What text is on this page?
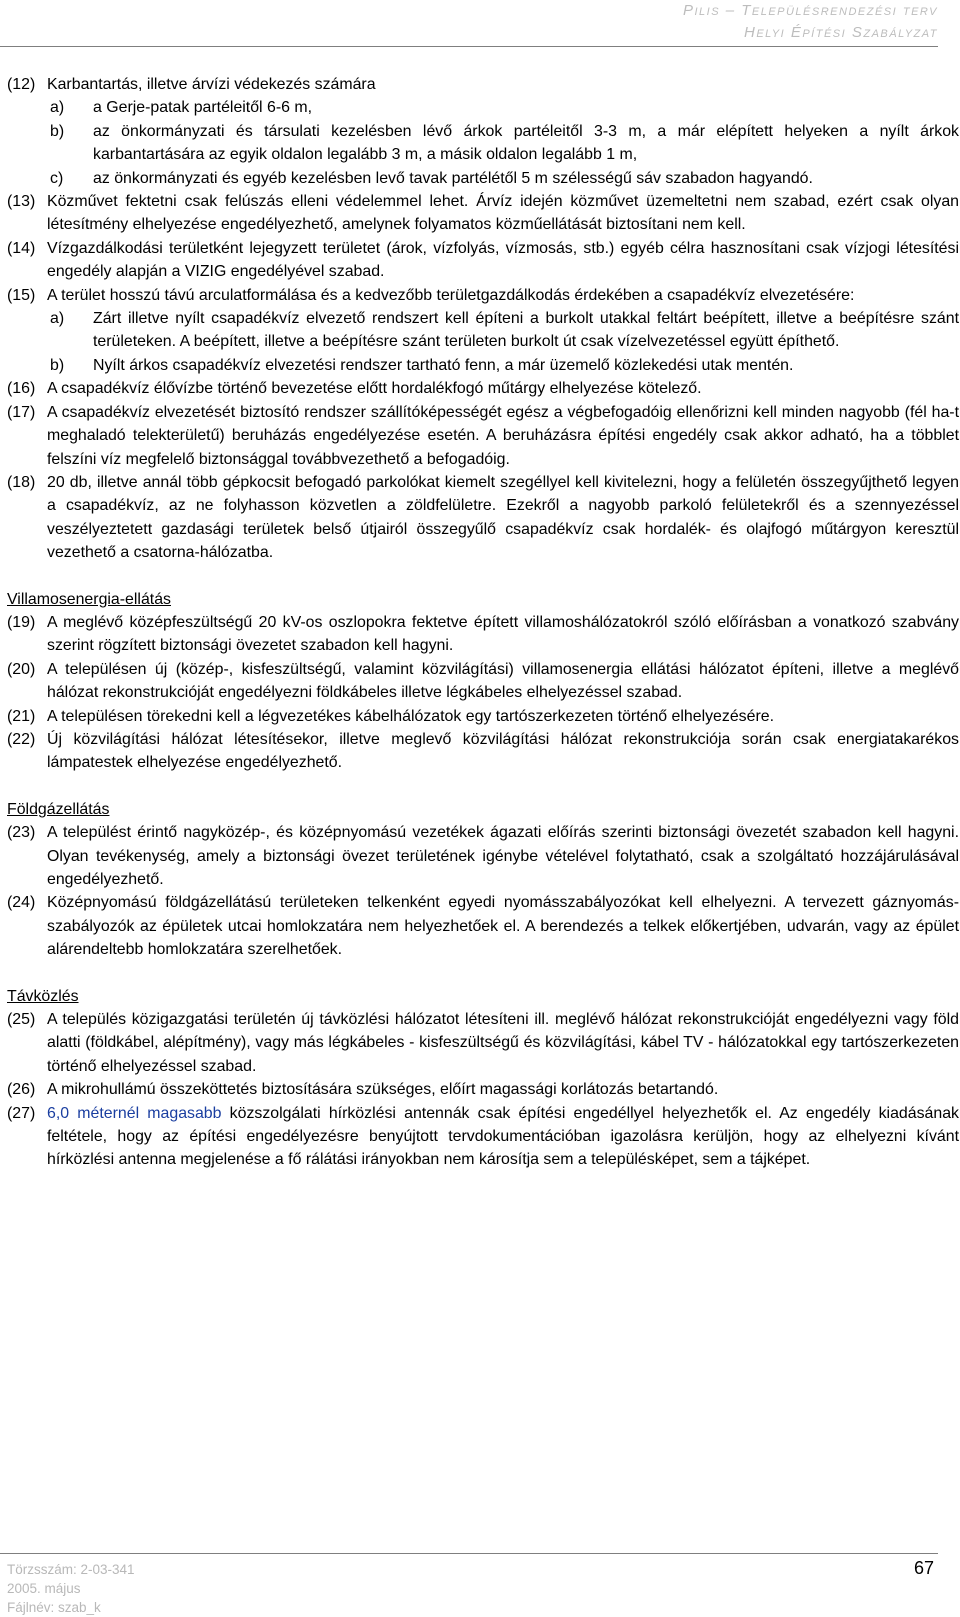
Pilis – Településrendezési terv
Helyi Építési Szabályzat
(12) Karbantartás, illetve árvízi védekezés számára
a) a Gerje-patak partéleitől 6-6 m,
b) az önkormányzati és társulati kezelésben lévő árkok partéleitől 3-3 m, a már elépített helyeken a nyílt árkok karbantartására az egyik oldalon legalább 3 m, a másik oldalon legalább 1 m,
c) az önkormányzati és egyéb kezelésben levő tavak partélétől 5 m szélességű sáv szabadon hagyandó.
(13) Közművet fektetni csak felúszás elleni védelemmel lehet. Árvíz idején közművet üzemeltetni nem szabad, ezért csak olyan létesítmény elhelyezése engedélyezhető, amelynek folyamatos közműellátását biztosítani nem kell.
(14) Vízgazdálkodási területként lejegyzett területet (árok, vízfolyás, vízmosás, stb.) egyéb célra hasznosítani csak vízjogi létesítési engedély alapján a VIZIG engedélyével szabad.
(15) A terület hosszú távú arculatformálása és a kedvezőbb területgazdálkodás érdekében a csapadékvíz elvezetésére:
a) Zárt illetve nyílt csapadékvíz elvezető rendszert kell építeni a burkolt utakkal feltárt beépített, illetve a beépítésre szánt területeken. A beépített, illetve a beépítésre szánt területen burkolt út csak vízelvezetéssel együtt építhető.
b) Nyílt árkos csapadékvíz elvezetési rendszer tartható fenn, a már üzemelő közlekedési utak mentén.
(16) A csapadékvíz élővízbe történő bevezetése előtt hordalékfogó műtárgy elhelyezése kötelező.
(17) A csapadékvíz elvezetését biztosító rendszer szállítóképességét egész a végbefogadóig ellenőrizni kell minden nagyobb (fél ha-t meghaladó telekterületű) beruházás engedélyezése esetén. A beruházásra építési engedély csak akkor adható, ha a többlet felszíni víz megfelelő biztonsággal továbbvezethető a befogadóig.
(18) 20 db, illetve annál több gépkocsit befogadó parkolókat kiemelt szegéllyel kell kivitelezni, hogy a felületén összegyűjthető legyen a csapadékvíz, az ne folyhasson közvetlen a zöldfelületre. Ezekről a nagyobb parkoló felületekről és a szennyezéssel veszélyeztetett gazdasági területek belső útjairól összegyűlő csapadékvíz csak hordalék- és olajfogó műtárgyon keresztül vezethető a csatorna-hálózatba.
Villamosenergia-ellátás
(19) A meglévő középfeszültségű 20 kV-os oszlopokra fektetve épített villamoshálózatokról szóló előírásban a vonatkozó szabvány szerint rögzített biztonsági övezetet szabadon kell hagyni.
(20) A településen új (közép-, kisfeszültségű, valamint közvilágítási) villamosenergia ellátási hálózatot építeni, illetve a meglévő hálózat rekonstrukcióját engedélyezni földkábeles illetve légkábeles elhelyezéssel szabad.
(21) A településen törekedni kell a légvezetékes kábelhálózatok egy tartószerkezeten történő elhelyezésére.
(22) Új közvilágítási hálózat létesítésekor, illetve meglevő közvilágítási hálózat rekonstrukciója során csak energiatakarékos lámpatestek elhelyezése engedélyezhető.
Földgázellátás
(23) A települést érintő nagyközép-, és középnyomású vezetékek ágazati előírás szerinti biztonsági övezetét szabadon kell hagyni. Olyan tevékenység, amely a biztonsági övezet területének igénybe vételével folytatható, csak a szolgáltató hozzájárulásával engedélyezhető.
(24) Középnyomású földgázellátású területeken telkenként egyedi nyomásszabályozókat kell elhelyezni. A tervezett gáznyomás-szabályozók az épületek utcai homlokzatára nem helyezhetőek el. A berendezés a telkek előkertjében, udvarán, vagy az épület alárendeltebb homlokzatára szerelhetőek.
Távközlés
(25) A település közigazgatási területén új távközlési hálózatot létesíteni ill. meglévő hálózat rekonstrukcióját engedélyezni vagy föld alatti (földkábel, alépítmény), vagy más légkábeles - kisfeszültségű és közvilágítási, kábel TV - hálózatokkal egy tartószerkezeten történő elhelyezéssel szabad.
(26) A mikrohullámú összeköttetés biztosítására szükséges, előírt magassági korlátozás betartandó.
(27) 6,0 méternél magasabb közszolgálati hírközlési antennák csak építési engedéllyel helyezhetők el. Az engedély kiadásának feltétele, hogy az építési engedélyezésre benyújtott tervdokumentációban igazolásra kerüljön, hogy az elhelyezni kívánt hírközlési antenna megjelenése a fő rálátási irányokban nem károsítja sem a településképet, sem a tájképet.
Törzsszám: 2-03-341
2005. május
Fájlnév: szab_k
67
